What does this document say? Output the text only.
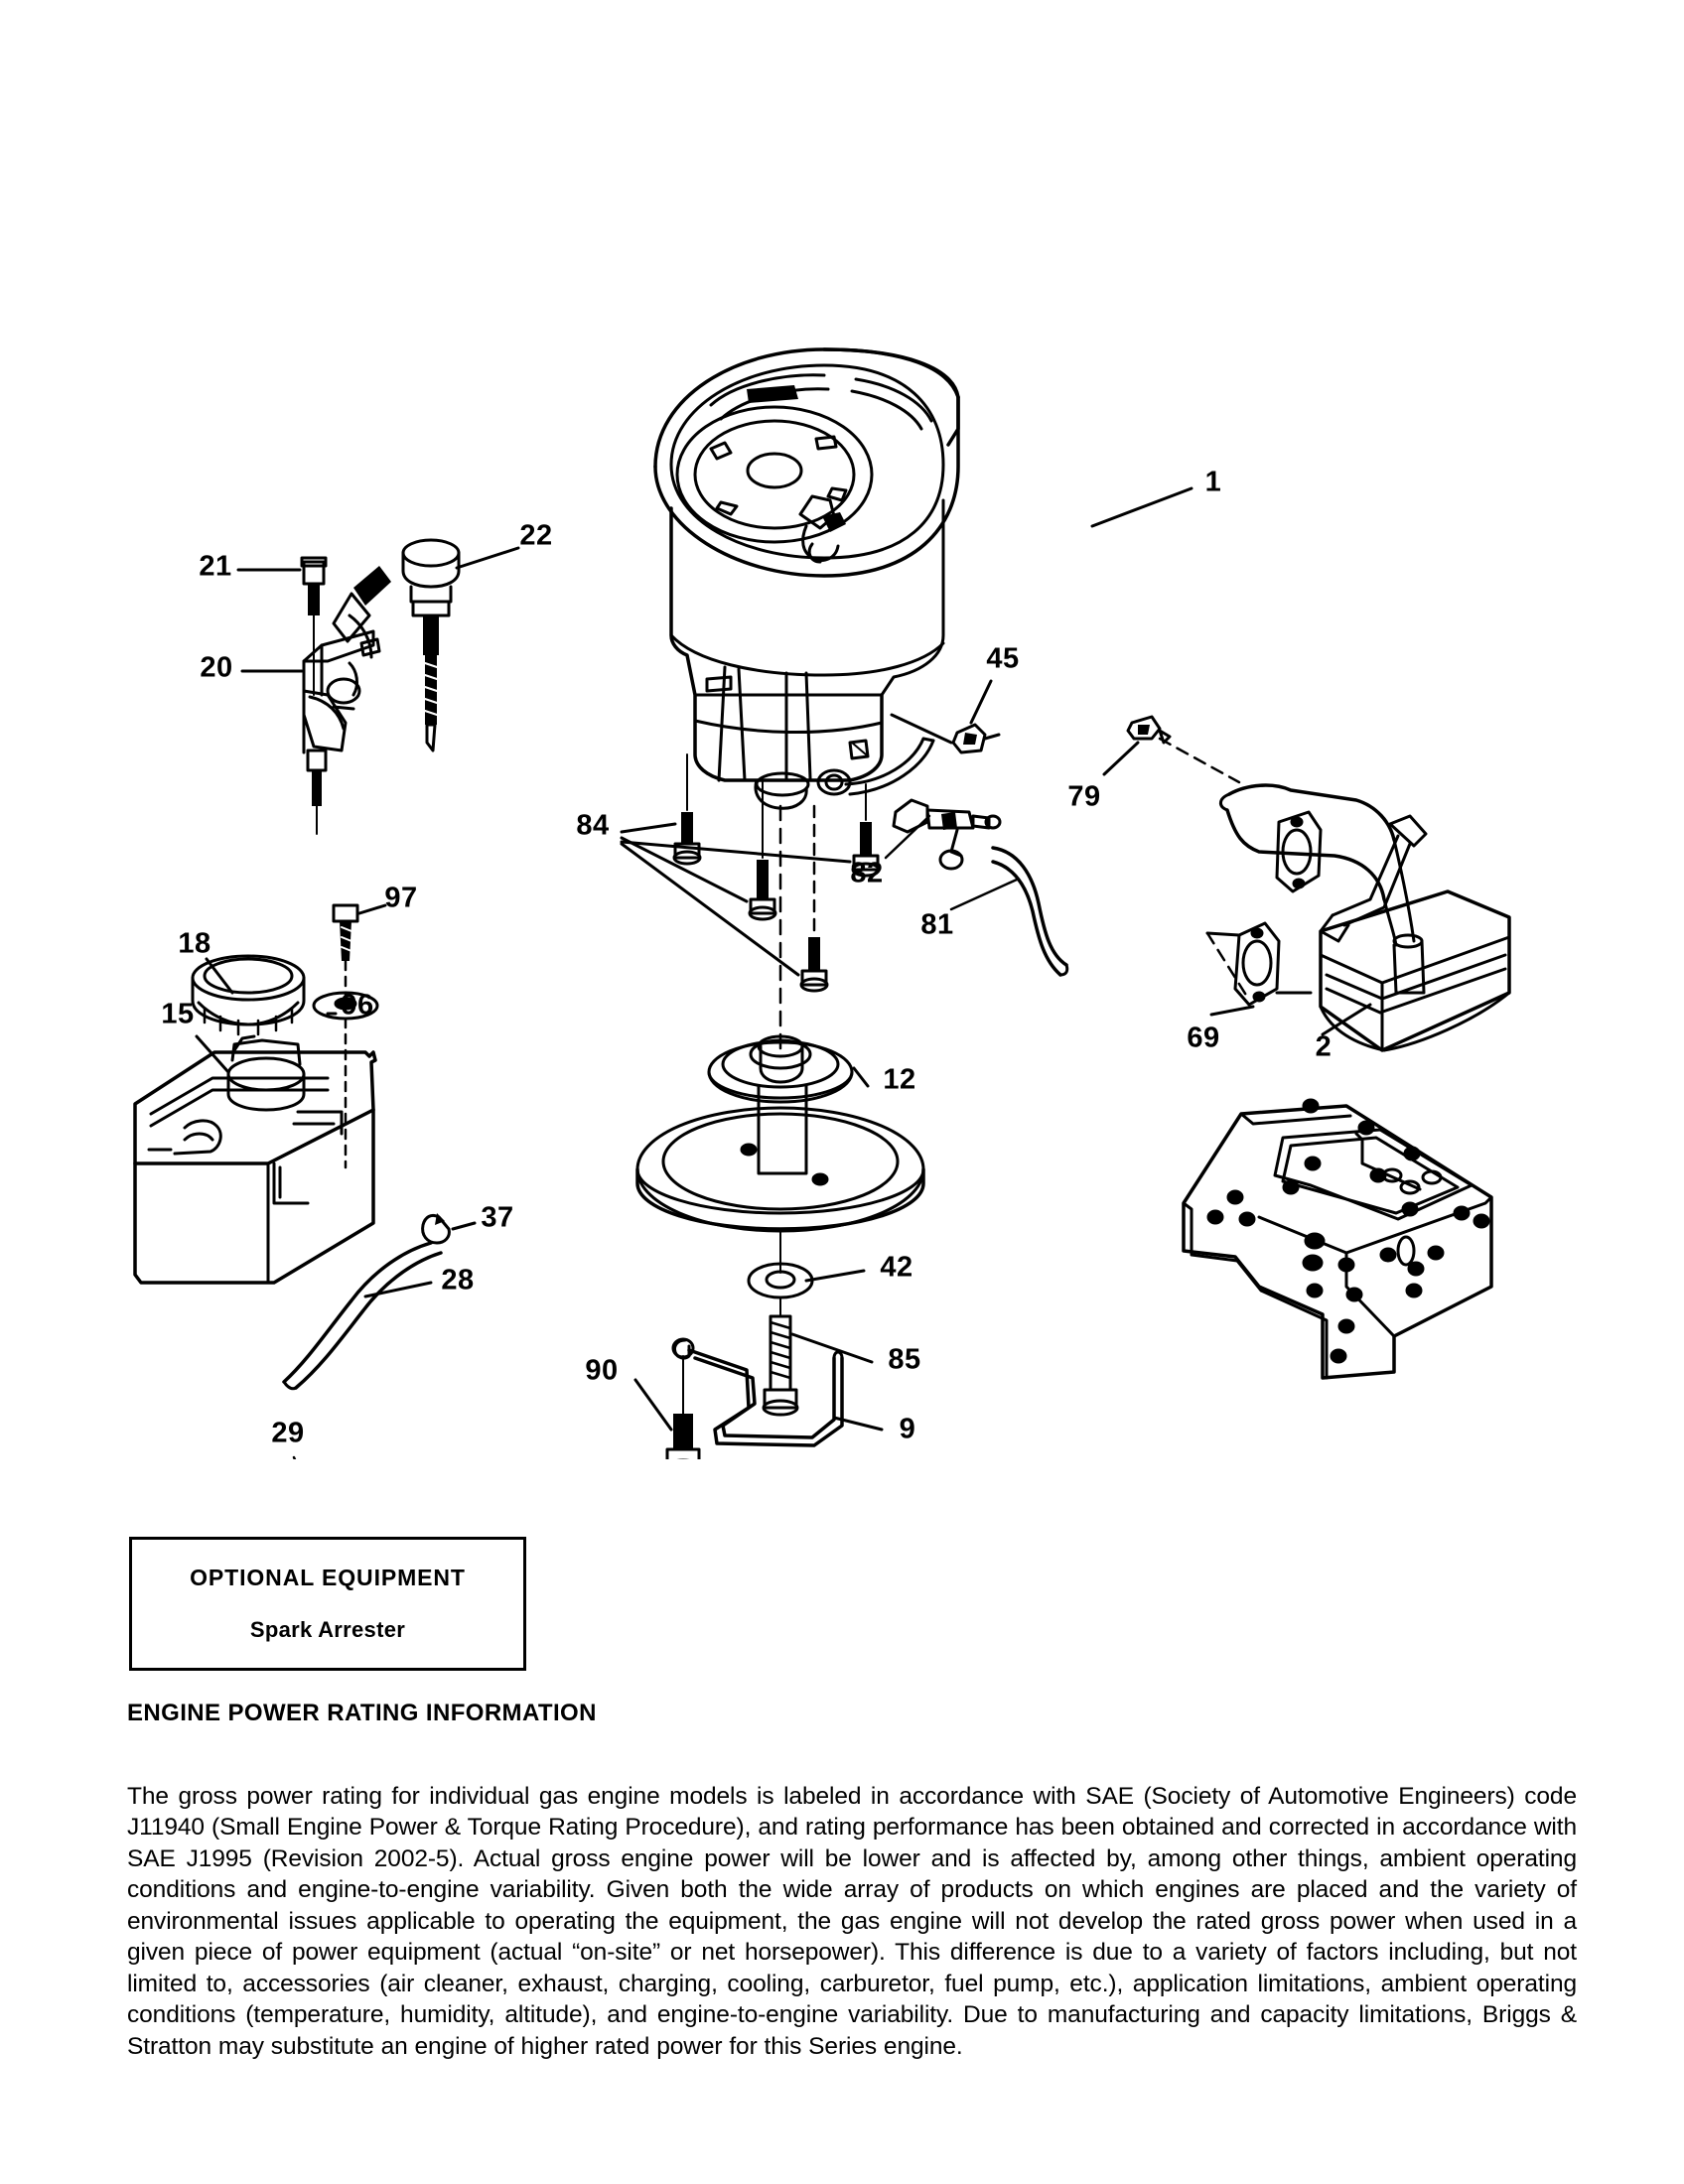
1
22
21
20	45
79
84
82
81
97
18
96
15
69	2
12
37
28	42
85
90
9
29
OPTIONAL EQUIPMENT
Spark Arrester
ENGINE POWER RATING INFORMATION

The gross power rating for individual gas engine models is labeled in accordance with SAE (Society of Automotive Engineers) code J11940 (Small Engine Power & Torque Rating Procedure), and rating performance has been obtained and corrected in accordance with SAE J1995 (Revision 2002-5). Actual gross engine power will be lower and is affected by, among other things, ambient operating conditions and engine-to-engine variability. Given both the wide array of products on which engines are placed and the variety of environmental issues applicable to operating the equipment, the gas engine will not develop the rated gross power when used in a given piece of power equipment (actual “on-site” or net horsepower). This difference is due to a variety of factors including, but not limited to, accessories (air cleaner, exhaust, charging, cooling, carburetor, fuel pump, etc.), application limitations, ambient operating conditions (temperature, humidity, altitude), and engine-to-engine variability. Due to manufacturing and capacity limitations, Briggs & Stratton may substitute an engine of higher rated power for this Series engine.
